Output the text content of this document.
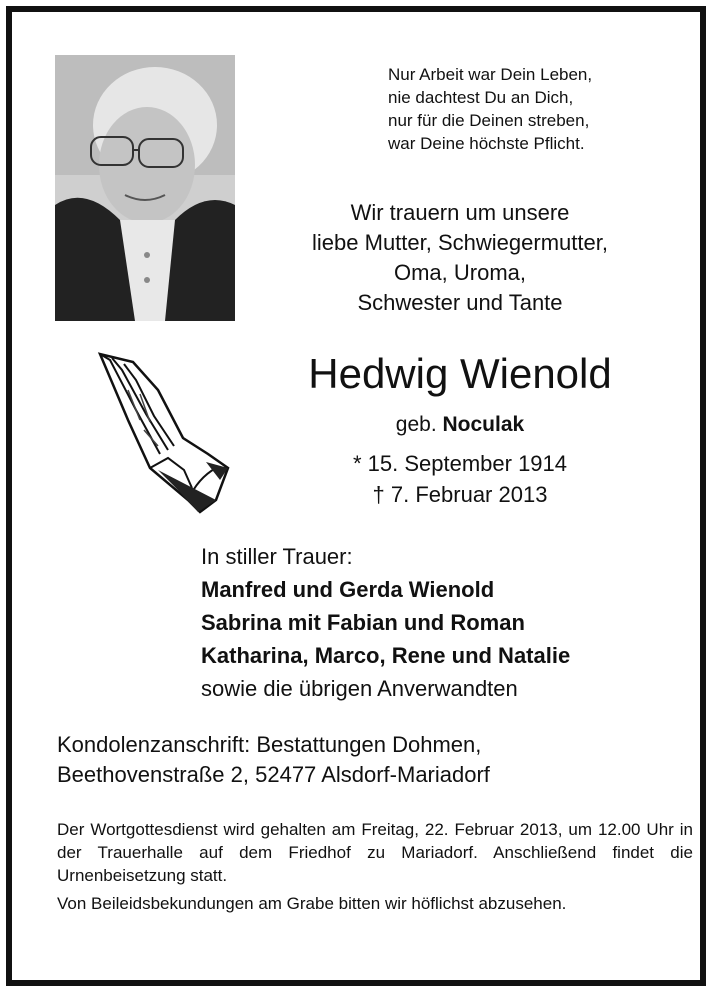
Nur Arbeit war Dein Leben,
nie dachtest Du an Dich,
nur für die Deinen streben,
war Deine höchste Pflicht.
Wir trauern um unsere
liebe Mutter, Schwiegermutter,
Oma, Uroma,
Schwester und Tante
Hedwig Wienold
geb. Noculak
* 15. September 1914
† 7. Februar 2013
In stiller Trauer:
Manfred und Gerda Wienold
Sabrina mit Fabian und Roman
Katharina, Marco, Rene und Natalie
sowie die übrigen Anverwandten
Kondolenzanschrift: Bestattungen Dohmen,
Beethovenstraße 2, 52477 Alsdorf-Mariadorf

Der Wortgottesdienst wird gehalten am Freitag, 22. Februar 2013, um 12.00 Uhr in der Trauerhalle auf dem Friedhof zu Mariadorf. Anschließend findet die Urnenbeisetzung statt.

Von Beileidsbekundungen am Grabe bitten wir höflichst abzusehen.
